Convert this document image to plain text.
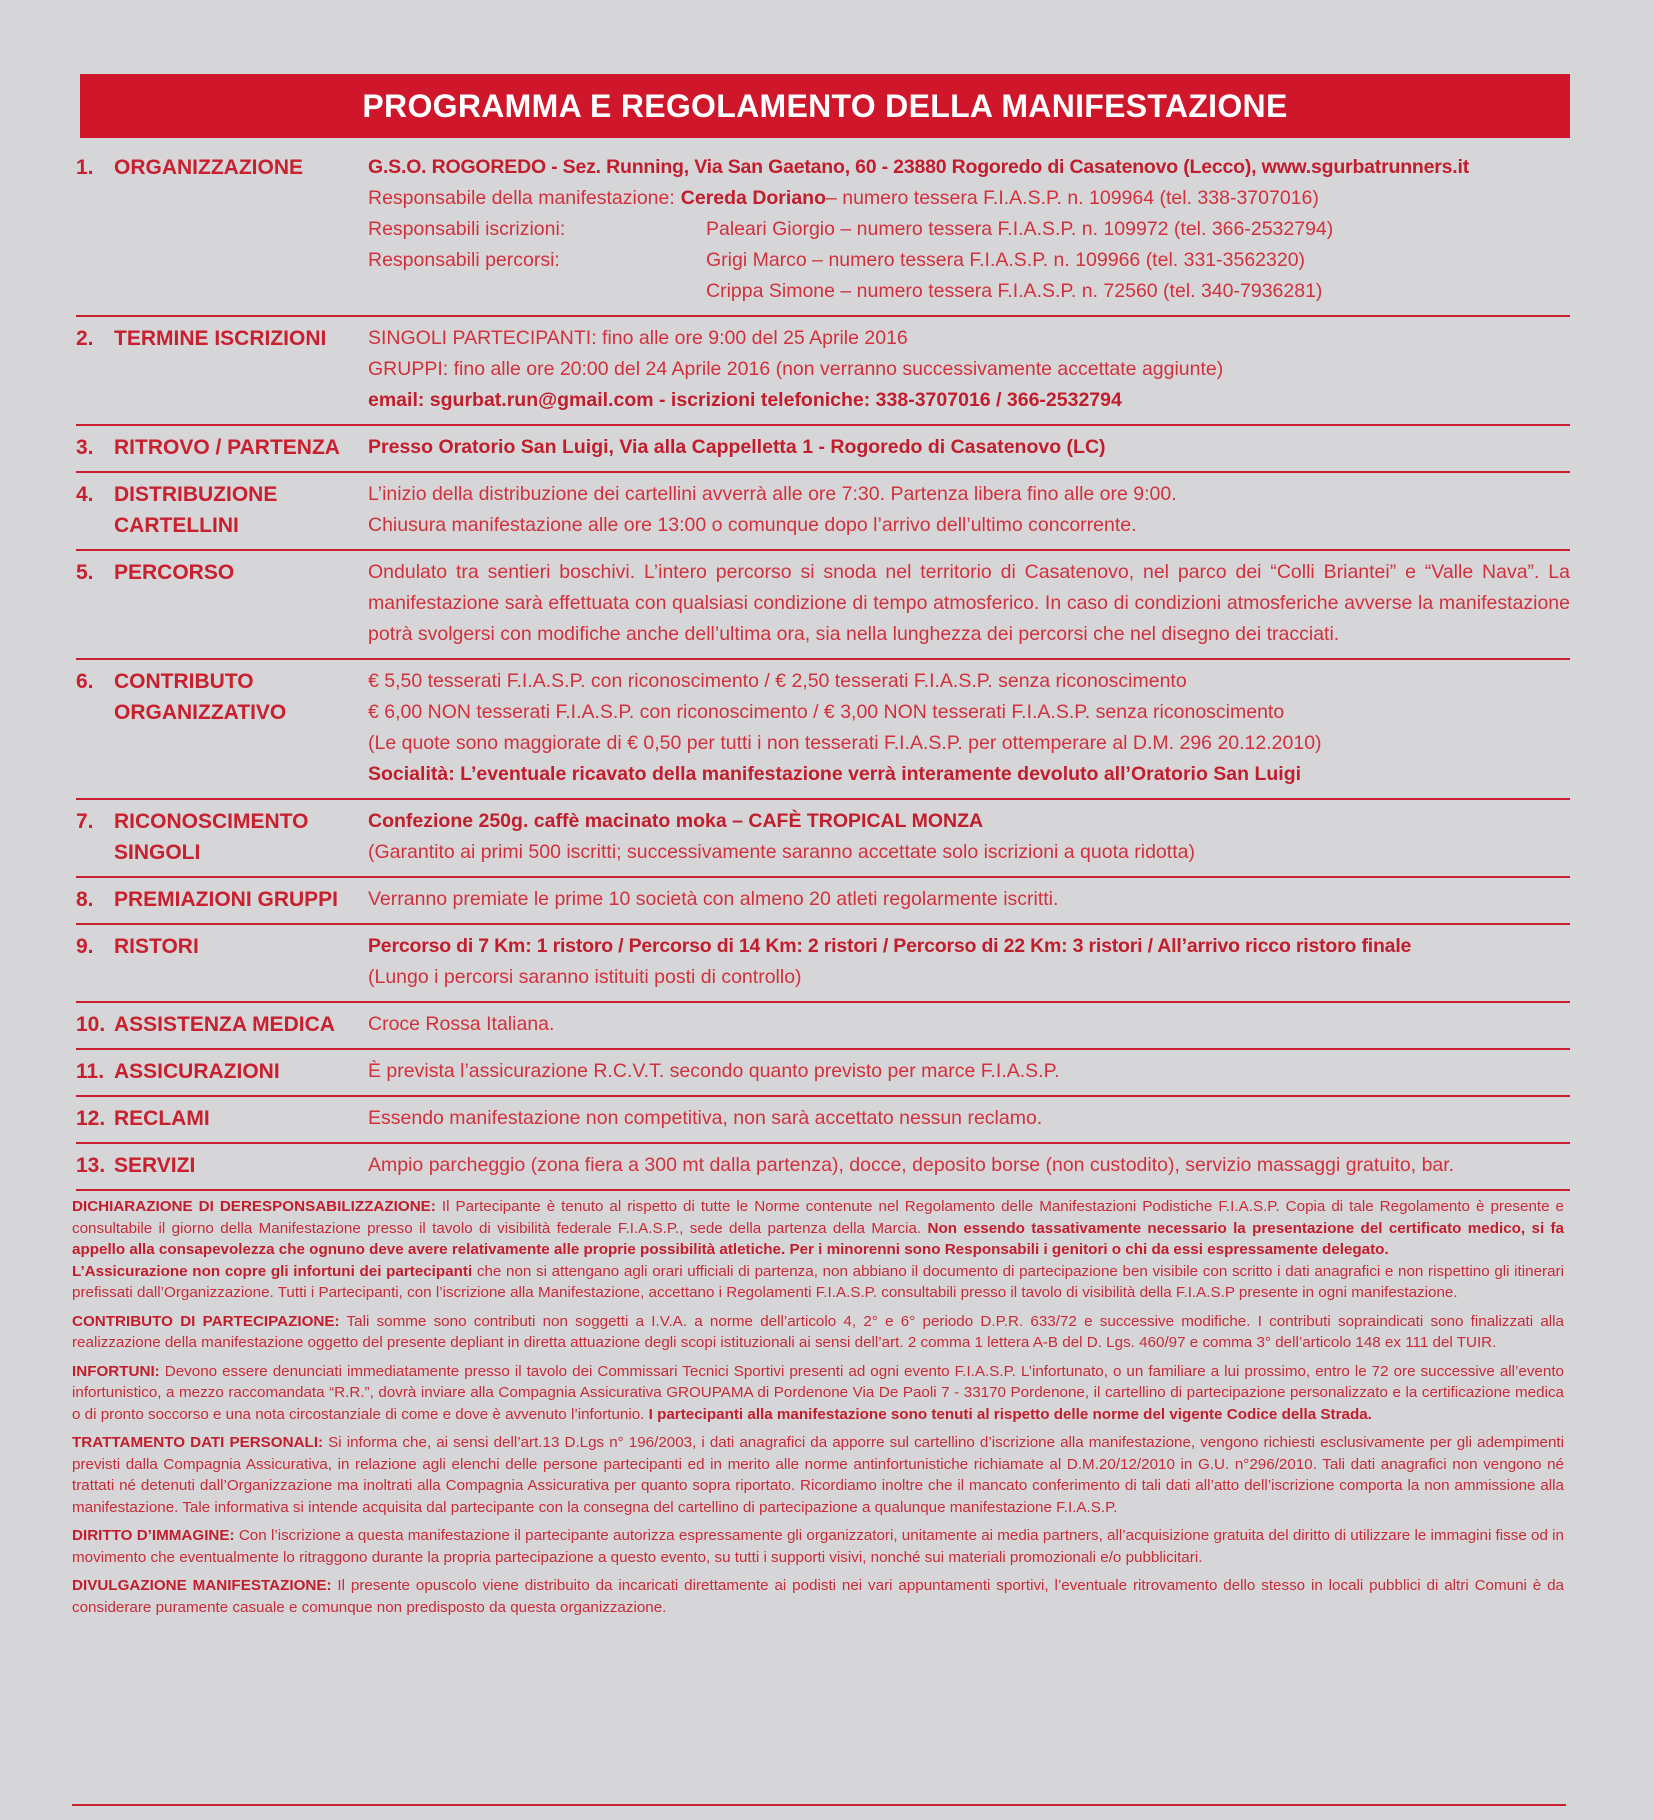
PROGRAMMA E REGOLAMENTO DELLA MANIFESTAZIONE
1. ORGANIZZAZIONE	G.S.O. ROGOREDO - Sez. Running, Via San Gaetano, 60 - 23880 Rogoredo di Casatenovo (Lecco), www.sgurbatrunners.it
Responsabile della manifestazione: Cereda Doriano – numero tessera F.I.A.S.P. n. 109964 (tel. 338-3707016)
Responsabili iscrizioni:	Paleari Giorgio – numero tessera F.I.A.S.P. n. 109972 (tel. 366-2532794)
Responsabili percorsi:	Grigi Marco – numero tessera F.I.A.S.P. n. 109966 (tel. 331-3562320)
Crippa Simone – numero tessera F.I.A.S.P. n. 72560 (tel. 340-7936281)
2. TERMINE ISCRIZIONI	SINGOLI PARTECIPANTI: fino alle ore 9:00 del 25 Aprile 2016
GRUPPI: fino alle ore 20:00 del 24 Aprile 2016 (non verranno successivamente accettate aggiunte)
email: sgurbat.run@gmail.com - iscrizioni telefoniche: 338-3707016 / 366-2532794
3. RITROVO / PARTENZA	Presso Oratorio San Luigi, Via alla Cappelletta 1 - Rogoredo di Casatenovo (LC)
4. DISTRIBUZIONE CARTELLINI
L’inizio della distribuzione dei cartellini avverrà alle ore 7:30. Partenza libera fino alle ore 9:00.
Chiusura manifestazione alle ore 13:00 o comunque dopo l’arrivo dell’ultimo concorrente.
5. PERCORSO	Ondulato tra sentieri boschivi. L’intero percorso si snoda nel territorio di Casatenovo, nel parco dei “Colli Briantei” e “Valle Nava”. La manifestazione sarà effettuata con qualsiasi condizione di tempo atmosferico. In caso di condizioni atmosferiche avverse la manifestazione potrà svolgersi con modifiche anche dell’ultima ora, sia nella lunghezza dei percorsi che nel disegno dei tracciati.
6. CONTRIBUTO ORGANIZZATIVO
€ 5,50 tesserati F.I.A.S.P. con riconoscimento / € 2,50 tesserati F.I.A.S.P. senza riconoscimento
€ 6,00 NON tesserati F.I.A.S.P. con riconoscimento / € 3,00 NON tesserati F.I.A.S.P. senza riconoscimento
(Le quote sono maggiorate di € 0,50 per tutti i non tesserati F.I.A.S.P. per ottemperare al D.M. 296 20.12.2010)
Socialità: L’eventuale ricavato della manifestazione verrà interamente devoluto all’Oratorio San Luigi
7. RICONOSCIMENTO SINGOLI
Confezione 250g. caffè macinato moka – CAFÈ TROPICAL MONZA
(Garantito ai primi 500 iscritti; successivamente saranno accettate solo iscrizioni a quota ridotta)
8. PREMIAZIONI GRUPPI	Verranno premiate le prime 10 società con almeno 20 atleti regolarmente iscritti.
9. RISTORI	Percorso di 7 Km: 1 ristoro / Percorso di 14 Km: 2 ristori / Percorso di 22 Km: 3 ristori / All’arrivo ricco ristoro finale
(Lungo i percorsi saranno istituiti posti di controllo)
10. ASSISTENZA MEDICA	Croce Rossa Italiana.
11. ASSICURAZIONI	È prevista l’assicurazione R.C.V.T. secondo quanto previsto per marce F.I.A.S.P.
12. RECLAMI	Essendo manifestazione non competitiva, non sarà accettato nessun reclamo.
13. SERVIZI	Ampio parcheggio (zona fiera a 300 mt dalla partenza), docce, deposito borse (non custodito), servizio massaggi gratuito, bar.

DICHIARAZIONE DI DERESPONSABILIZZAZIONE: Il Partecipante è tenuto al rispetto di tutte le Norme contenute nel Regolamento delle Manifestazioni Podistiche F.I.A.S.P. Copia di tale Regolamento è presente e consultabile il giorno della Manifestazione presso il tavolo di visibilità federale F.I.A.S.P., sede della partenza della Marcia. Non essendo tassativamente necessario la presentazione del certificato medico, si fa appello alla consapevolezza che ognuno deve avere relativamente alle proprie possibilità atletiche. Per i minorenni sono Responsabili i genitori o chi da essi espressamente delegato.
L’Assicurazione non copre gli infortuni dei partecipanti che non si attengano agli orari ufficiali di partenza, non abbiano il documento di partecipazione ben visibile con scritto i dati anagrafici e non rispettino gli itinerari prefissati dall’Organizzazione. Tutti i Partecipanti, con l’iscrizione alla Manifestazione, accettano i Regolamenti F.I.A.S.P. consultabili presso il tavolo di visibilità della F.I.A.S.P presente in ogni manifestazione.

CONTRIBUTO DI PARTECIPAZIONE: Tali somme sono contributi non soggetti a I.V.A. a norme dell’articolo 4, 2° e 6° periodo D.P.R. 633/72 e successive modifiche. I contributi sopraindicati sono finalizzati alla realizzazione della manifestazione oggetto del presente depliant in diretta attuazione degli scopi istituzionali ai sensi dell’art. 2 comma 1 lettera A-B del D. Lgs. 460/97 e comma 3° dell’articolo 148 ex 111 del TUIR.

INFORTUNI: Devono essere denunciati immediatamente presso il tavolo dei Commissari Tecnici Sportivi presenti ad ogni evento F.I.A.S.P. L’infortunato, o un familiare a lui prossimo, entro le 72 ore successive all’evento infortunistico, a mezzo raccomandata “R.R.”, dovrà inviare alla Compagnia Assicurativa GROUPAMA di Pordenone Via De Paoli 7 - 33170 Pordenone, il cartellino di partecipazione personalizzato e la certificazione medica o di pronto soccorso e una nota circostanziale di come e dove è avvenuto l’infortunio. I partecipanti alla manifestazione sono tenuti al rispetto delle norme del vigente Codice della Strada.

TRATTAMENTO DATI PERSONALI: Si informa che, ai sensi dell’art.13 D.Lgs n° 196/2003, i dati anagrafici da apporre sul cartellino d’iscrizione alla manifestazione, vengono richiesti esclusivamente per gli adempimenti previsti dalla Compagnia Assicurativa, in relazione agli elenchi delle persone partecipanti ed in merito alle norme antinfortunistiche richiamate al D.M.20/12/2010 in G.U. n°296/2010. Tali dati anagrafici non vengono né trattati né detenuti dall’Organizzazione ma inoltrati alla Compagnia Assicurativa per quanto sopra riportato. Ricordiamo inoltre che il mancato conferimento di tali dati all’atto dell’iscrizione comporta la non ammissione alla manifestazione. Tale informativa si intende acquisita dal partecipante con la consegna del cartellino di partecipazione a qualunque manifestazione F.I.A.S.P.

DIRITTO D’IMMAGINE: Con l’iscrizione a questa manifestazione il partecipante autorizza espressamente gli organizzatori, unitamente ai media partners, all’acquisizione gratuita del diritto di utilizzare le immagini fisse od in movimento che eventualmente lo ritraggono durante la propria partecipazione a questo evento, su tutti i supporti visivi, nonché sui materiali promozionali e/o pubblicitari.

DIVULGAZIONE MANIFESTAZIONE: Il presente opuscolo viene distribuito da incaricati direttamente ai podisti nei vari appuntamenti sportivi, l’eventuale ritrovamento dello stesso in locali pubblici di altri Comuni è da considerare puramente casuale e comunque non predisposto da questa organizzazione.
